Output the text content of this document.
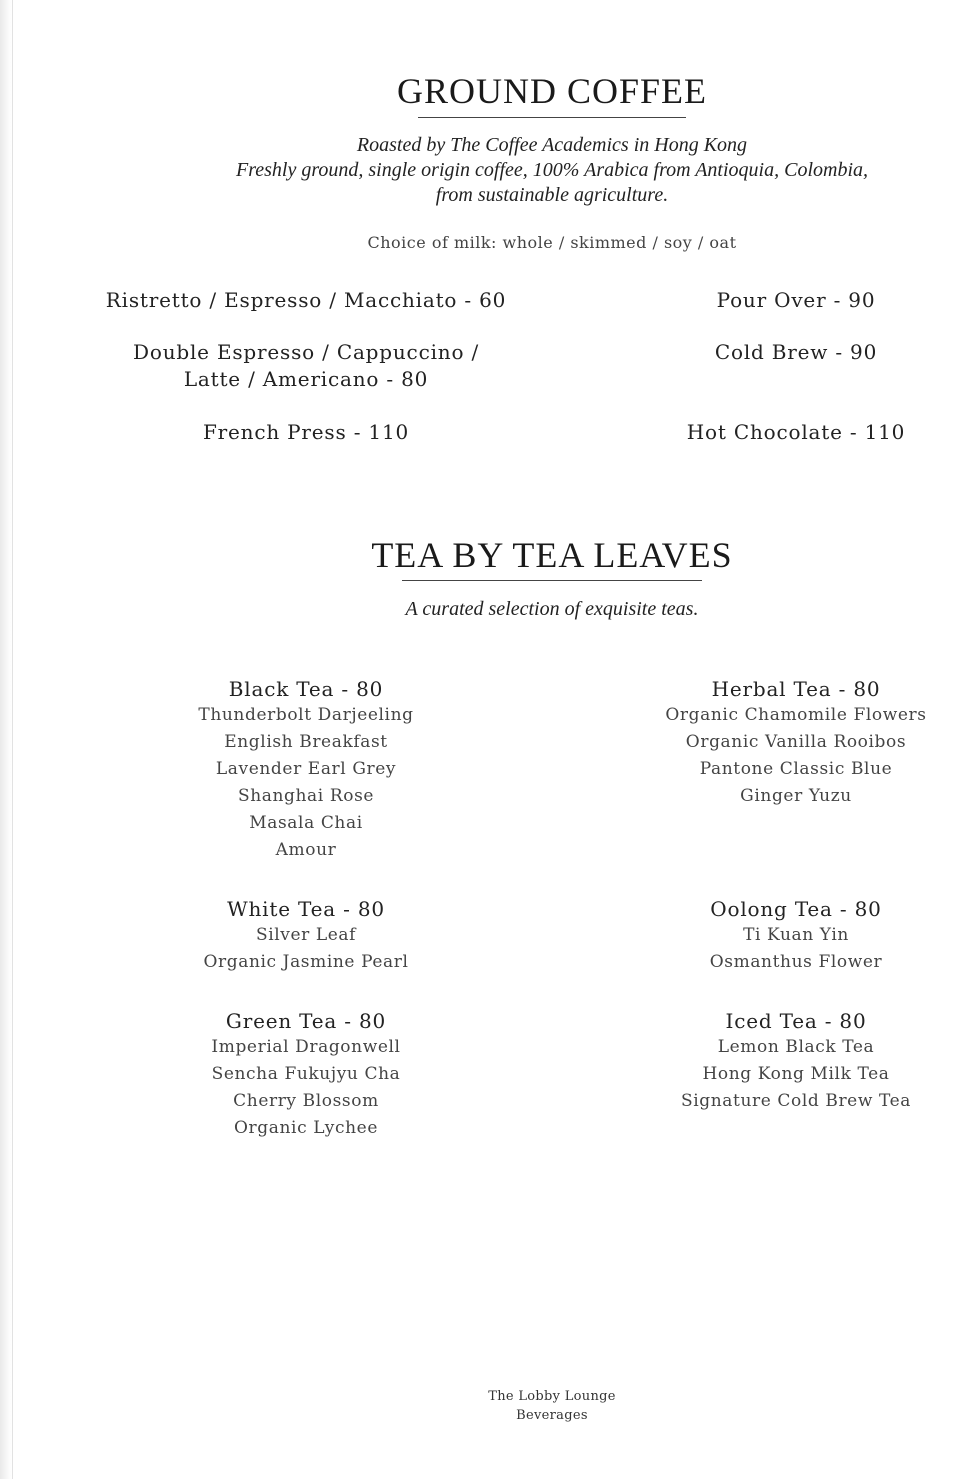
GROUND COFFEE
Roasted by The Coffee Academics in Hong Kong
Freshly ground, single origin coffee, 100% Arabica from Antioquia, Colombia,
from sustainable agriculture.
Choice of milk: whole / skimmed / soy / oat
Ristretto / Espresso / Macchiato - 60
Double Espresso / Cappuccino /
Latte / Americano - 80
French Press - 110
Pour Over - 90
Cold Brew - 90
Hot Chocolate - 110
TEA BY TEA LEAVES
A curated selection of exquisite teas.
Black Tea - 80
Thunderbolt Darjeeling
English Breakfast
Lavender Earl Grey
Shanghai Rose
Masala Chai
Amour
Herbal Tea - 80
Organic Chamomile Flowers
Organic Vanilla Rooibos
Pantone Classic Blue
Ginger Yuzu
White Tea - 80
Silver Leaf
Organic Jasmine Pearl
Oolong Tea - 80
Ti Kuan Yin
Osmanthus Flower
Green Tea - 80
Imperial Dragonwell
Sencha Fukujyu Cha
Cherry Blossom
Organic Lychee
Iced Tea - 80
Lemon Black Tea
Hong Kong Milk Tea
Signature Cold Brew Tea
The Lobby Lounge
Beverages
